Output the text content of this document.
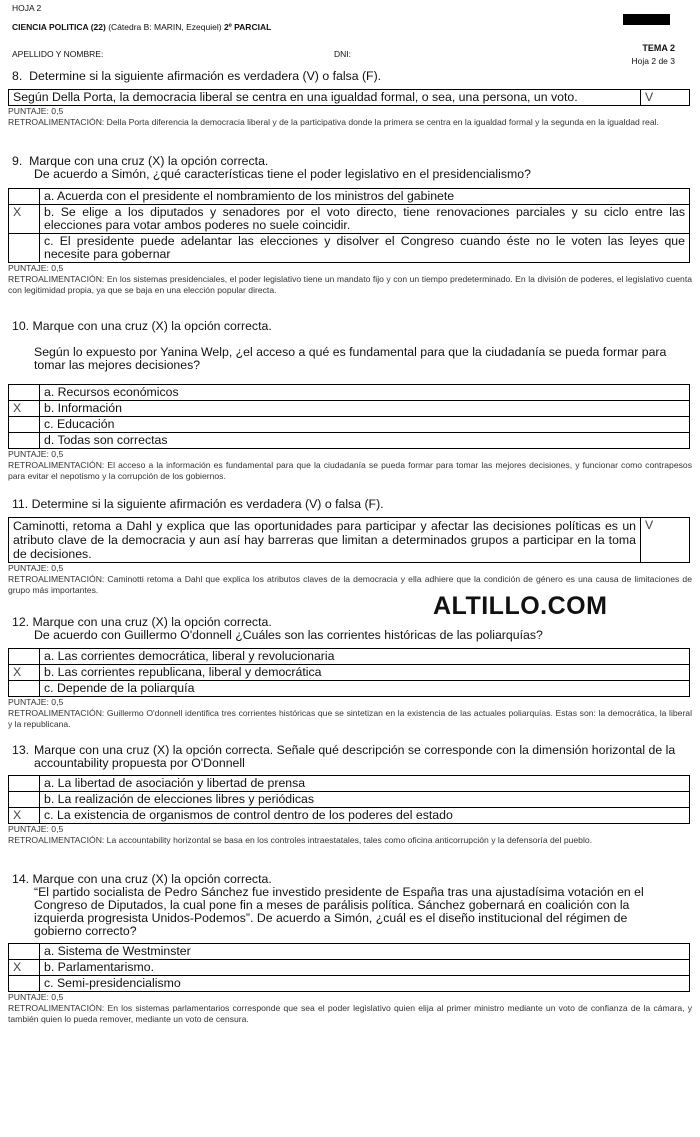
HOJA 2
CIENCIA POLITICA (22) (Cátedra B: MARIN, Ezequiel) 2º PARCIAL
APELLIDO Y NOMBRE:	DNI:
TEMA 2
Hoja 2 de 3
ALTILLO.COM
8. Determine si la siguiente afirmación es verdadera (V) o falsa (F).
Según Della Porta, la democracia liberal se centra en una igualdad formal, o sea, una persona, un voto.	V
PUNTAJE: 0,5
RETROALIMENTACIÓN: Della Porta diferencia la democracia liberal y de la participativa donde la primera se centra en la igualdad formal y la segunda en la igualdad real.
9. Marque con una cruz (X) la opción correcta.
De acuerdo a Simón, ¿qué características tiene el poder legislativo en el presidencialismo?
	a. Acuerda con el presidente el nombramiento de los ministros del gabinete
X	b. Se elige a los diputados y senadores por el voto directo, tiene renovaciones parciales y su ciclo entre las elecciones para votar ambos poderes no suele coincidir.
	c. El presidente puede adelantar las elecciones y disolver el Congreso cuando éste no le voten las leyes que necesite para gobernar
PUNTAJE: 0,5
RETROALIMENTACIÓN: En los sistemas presidenciales, el poder legislativo tiene un mandato fijo y con un tiempo predeterminado. En la división de poderes, el legislativo cuenta con legitimidad propia, ya que se baja en una elección popular directa.
10. Marque con una cruz (X) la opción correcta.
Según lo expuesto por Yanina Welp, ¿el acceso a qué es fundamental para que la ciudadanía se pueda formar para tomar las mejores decisiones?
	a. Recursos económicos
X	b. Información
	c. Educación
	d. Todas son correctas
PUNTAJE: 0,5
RETROALIMENTACIÓN: El acceso a la información es fundamental para que la ciudadanía se pueda formar para tomar las mejores decisiones, y funcionar como contrapesos para evitar el nepotismo y la corrupción de los gobiernos.
11. Determine si la siguiente afirmación es verdadera (V) o falsa (F).
Caminotti, retoma a Dahl y explica que las oportunidades para participar y afectar las decisiones políticas es un atributo clave de la democracia y aun así hay barreras que limitan a determinados grupos a participar en la toma de decisiones.	V
PUNTAJE: 0,5
RETROALIMENTACIÓN: Caminotti retoma a Dahl que explica los atributos claves de la democracia y ella adhiere que la condición de género es una causa de limitaciones de grupo más importantes.
12. Marque con una cruz (X) la opción correcta.
De acuerdo con Guillermo O'donnell ¿Cuáles son las corrientes históricas de las poliarquías?
	a. Las corrientes democrática, liberal y revolucionaria
X	b. Las corrientes republicana, liberal y democrática
	c. Depende de la poliarquía
PUNTAJE: 0,5
RETROALIMENTACIÓN: Guillermo O'donnell identifica tres corrientes históricas que se sintetizan en la existencia de las actuales poliarquías. Estas son: la democrática, la liberal y la republicana.
13. Marque con una cruz (X) la opción correcta. Señale qué descripción se corresponde con la dimensión horizontal de la accountability propuesta por O'Donnell
	a. La libertad de asociación y libertad de prensa
	b. La realización de elecciones libres y periódicas
X	c. La existencia de organismos de control dentro de los poderes del estado
PUNTAJE: 0,5
RETROALIMENTACIÓN: La accountability horizontal se basa en los controles intraestatales, tales como oficina anticorrupción y la defensoría del pueblo.
14. Marque con una cruz (X) la opción correcta.
“El partido socialista de Pedro Sánchez fue investido presidente de España tras una ajustadísima votación en el Congreso de Diputados, la cual pone fin a meses de parálisis política. Sánchez gobernará en coalición con la izquierda progresista Unidos-Podemos”. De acuerdo a Simón, ¿cuál es el diseño institucional del régimen de gobierno correcto?
	a. Sistema de Westminster
X	b. Parlamentarismo.
	c. Semi-presidencialismo
PUNTAJE: 0,5
RETROALIMENTACIÓN: En los sistemas parlamentarios corresponde que sea el poder legislativo quien elija al primer ministro mediante un voto de confianza de la cámara, y también quien lo pueda remover, mediante un voto de censura.
